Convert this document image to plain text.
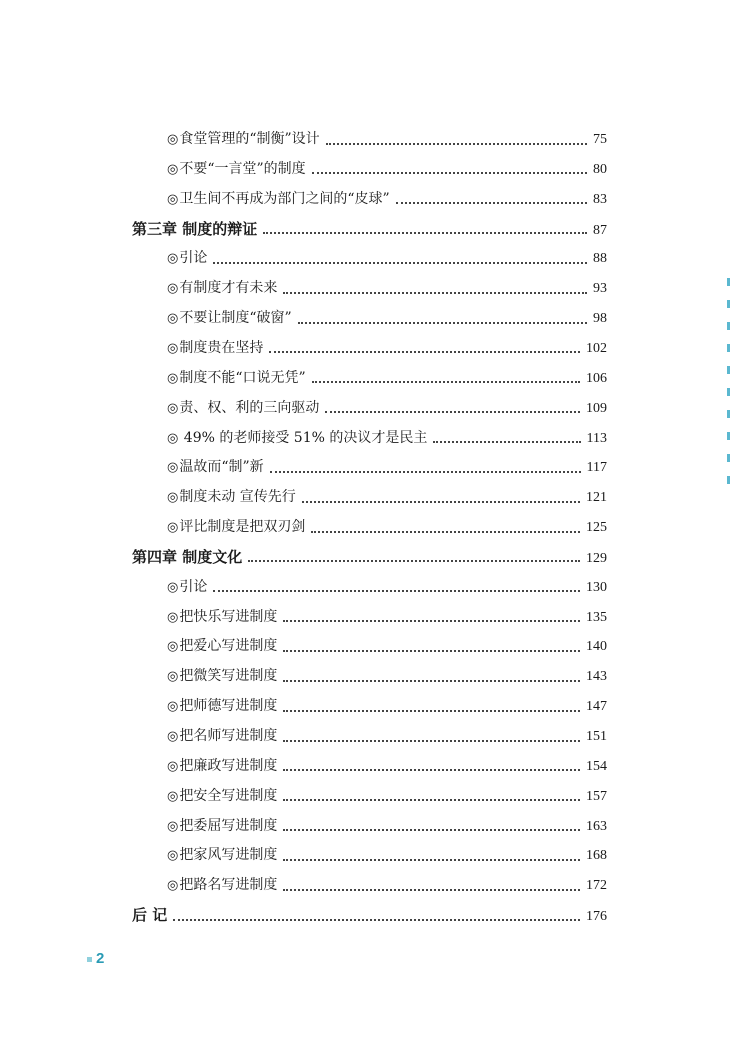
◎食堂管理的“制衡”设计	75
◎不要“一言堂”的制度	80
◎卫生间不再成为部门之间的“皮球”	83
第三章 制度的辩证	87
◎引论	88
◎有制度才有未来	93
◎不要让制度“破窗”	98
◎制度贵在坚持	102
◎制度不能“口说无凭”	106
◎责、权、利的三向驱动	109
◎ 49% 的老师接受 51% 的决议才是民主	113
◎温故而“制”新	117
◎制度未动 宣传先行	121
◎评比制度是把双刃剑	125
第四章 制度文化	129
◎引论	130
◎把快乐写进制度	135
◎把爱心写进制度	140
◎把微笑写进制度	143
◎把师德写进制度	147
◎把名师写进制度	151
◎把廉政写进制度	154
◎把安全写进制度	157
◎把委屈写进制度	163
◎把家风写进制度	168
◎把路名写进制度	172
后 记	176
2
